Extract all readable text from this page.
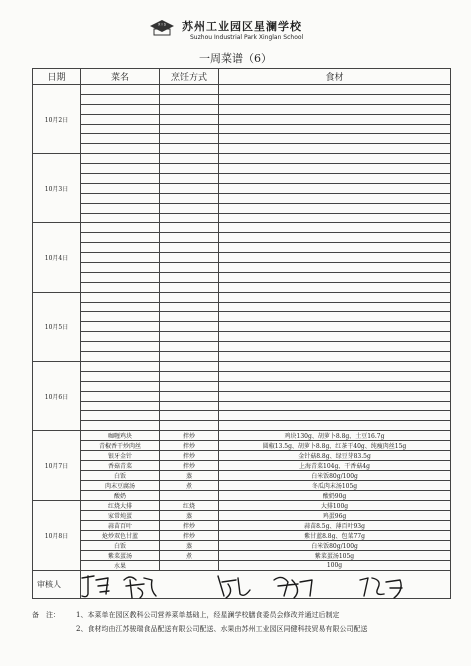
X I S 苏州工业园区星澜学校
Suzhou Industrial Park Xinglan School
一周菜谱（6）
日期	菜名	烹饪方式	食材
10月2日			

10月3日			

10月4日			

10月5日			

10月6日			

10月7日	咖喱鸡块	拌炒	鸡块130g、胡萝卜8.8g、土豆16.7g
	青椒香干炒肉丝	拌炒	圆椒13.5g、胡萝卜8.8g、红茶干40g、纯瘦肉丝15g
	银牙金针	拌炒	金针菇8.8g、绿豆芽83.5g
	香菇青菜	拌炒	上海青菜104g、干香菇4g
	白饭	蒸	白米饭80g/100g
	肉末豆腐汤	煮	冬瓜肉末汤105g
	酸奶		酸奶90g
10月8日	红烧大排	红烧	大排100g
	家常炖蛋	蒸	鸡蛋96g
	蒜苗百叶	拌炒	蒜苗8.5g、薄百叶93g
	炝炒双色甘蓝	拌炒	紫甘蓝8.8g、包菜77g
	白饭	蒸	白米饭80g/100g
	紫菜蛋汤	煮	紫菜蛋汤105g
	水果		100g
审核人			
备　注： 1、本菜单在园区教科公司营养菜单基础上，经星澜学校膳食委员会修改并通过后制定
2、食材均由江苏骏瑞食品配送有限公司配送、水果由苏州工业园区同健科技贸易有限公司配送
